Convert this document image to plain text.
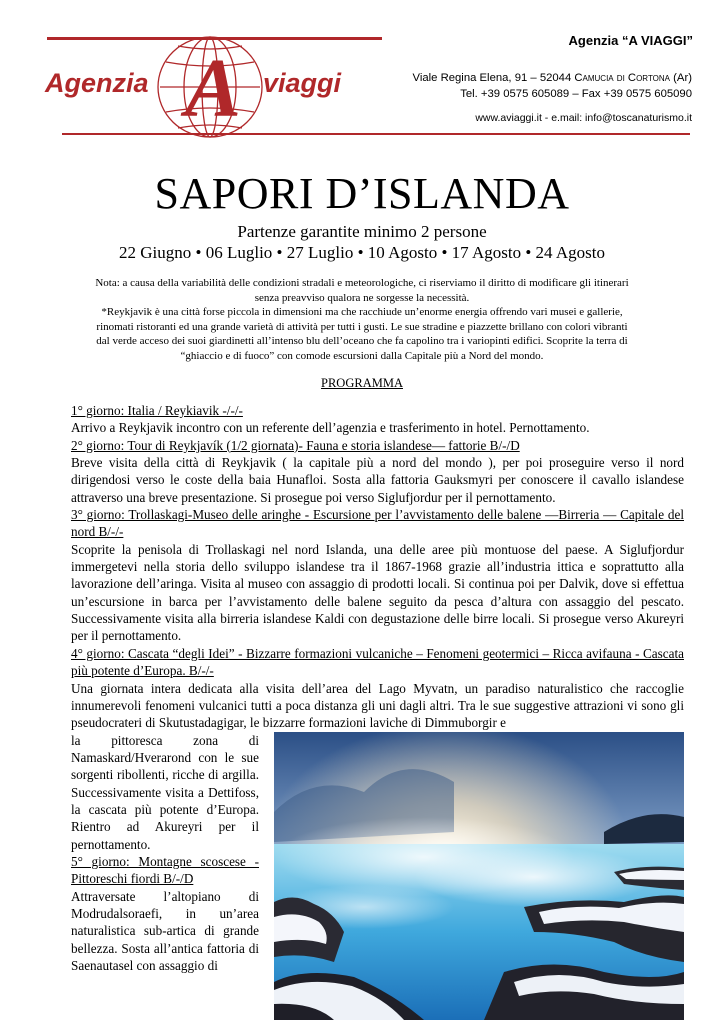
Agenzia “A VIAGGI”
Agenzia A viaggi	Viale Regina Elena, 91 – 52044 Camucia di Cortona (Ar)
Tel. +39 0575 605089 – Fax +39 0575 605090
www.aviaggi.it - e.mail: info@toscanaturismo.it
SAPORI D’ISLANDA
Partenze garantite minimo 2 persone
22 Giugno • 06 Luglio • 27 Luglio • 10 Agosto • 17 Agosto • 24 Agosto
Nota: a causa della variabilità delle condizioni stradali e meteorologiche, ci riserviamo il diritto di modificare gli itinerari
senza preavviso qualora ne sorgesse la necessità.
*Reykjavik è una città forse piccola in dimensioni ma che racchiude un’enorme energia offrendo vari musei e gallerie,
rinomati ristoranti ed una grande varietà di attività per tutti i gusti. Le sue stradine e piazzette brillano con colori vibranti
dal verde acceso dei suoi giardinetti all’intenso blu dell’oceano che fa capolino tra i variopinti edifici. Scoprite la terra di
“ghiaccio e di fuoco” con comode escursioni dalla Capitale più a Nord del mondo.
PROGRAMMA

1° giorno: Italia / Reykiavik -/-/-

Arrivo a Reykjavik incontro con un referente dell’agenzia e trasferimento in hotel. Pernottamento.

2° giorno: Tour di Reykjavík (1/2 giornata)- Fauna e storia islandese— fattorie B/-/D

Breve visita della città di Reykjavik ( la capitale più a nord del mondo ), per poi proseguire verso il nord dirigendosi verso le coste della baia Hunafloi. Sosta alla fattoria Gauksmyri per conoscere il cavallo islandese attraverso una breve presentazione. Si prosegue poi verso Siglufjordur per il pernottamento.

3° giorno: Trollaskagi-Museo delle aringhe - Escursione per l’avvistamento delle balene —Birreria — Capitale del nord B/-/-

Scoprite la penisola di Trollaskagi nel nord Islanda, una delle aree più montuose del paese. A Siglufjordur immergetevi nella storia dello sviluppo islandese tra il 1867-1968 grazie all’industria ittica e soprattutto alla lavorazione dell’aringa. Visita al museo con assaggio di prodotti locali. Si continua poi per Dalvik, dove si effettua un’escursione in barca per l’avvistamento delle balene seguito da pesca d’altura con assaggio del pescato. Successivamente visita alla birreria islandese Kaldi con degustazione delle birre locali. Si prosegue verso Akureyri per il pernottamento.

4° giorno: Cascata “degli Idei” - Bizzarre formazioni vulcaniche – Fenomeni geotermici – Ricca avifauna - Cascata più potente d’Europa. B/-/-

Una giornata intera dedicata alla visita dell’area del Lago Myvatn, un paradiso naturalistico che raccoglie innumerevoli fenomeni vulcanici tutti a poca distanza gli uni dagli altri. Tra le sue suggestive attrazioni vi sono gli pseudocrateri di Skutustadagigar, le bizzarre formazioni laviche di Dimmuborgir e

la pittoresca zona di Namaskard/Hverarond con le sue sorgenti ribollenti, ricche di argilla. Successivamente visita a Dettifoss, la cascata più potente d’Europa. Rientro ad Akureyri per il pernottamento.

5° giorno: Montagne scoscese - Pittoreschi fiordi B/-/D

Attraversate l’altopiano di Modrudalsoraefi, in un’area naturalistica sub-artica di grande bellezza. Sosta all’antica fattoria di Saenautasel con assaggio di
